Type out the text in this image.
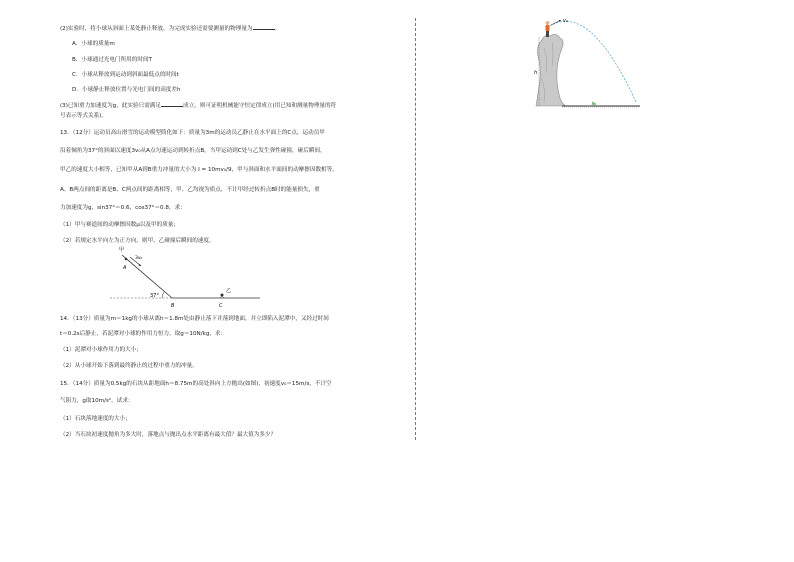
(2)实验时，将小球从斜面上某处静止释放，为完成实验还需要测量的物理量为	。
A．小球的质量m
B．小球通过光电门所用的时间T
C．小球从释放到运动到斜面最低点的时间t
D．小球静止释放位置与光电门间的高度差h
(3)已知重力加速度为g，此实验只需满足	成立，则可证明机械能守恒定律成立(用已知和测量物理量的符
号表示等式关系)。
13．（12分）运动员高山滑雪的运动模型简化如下：质量为3m的运动员乙静止在水平面上的C点，运动员甲
沿着倾角为37°的斜面以速度3v₀从A点匀速运动到转折点B，当甲运动到C处与乙发生弹性碰撞，碰后瞬间，
甲乙的速度大小相等，已知甲从A到B重力冲量的大小为 I = 10mv₀/9，甲与斜面和水平面间的动摩擦因数相等，
A、B两点间的距离是B、C两点间的距离相等，甲、乙均视为质点，不计甲经过转折点B时的能量损失，重
力加速度为g，sin37°＝0.6，cos37°＝0.8，求：
（1）甲与赛道间的动摩擦因数μ以及甲的质量；
（2）若规定水平向左为正方向，则甲、乙碰撞后瞬间的速度。
14．（13分）质量为m＝1kg的小球从离h＝1.8m处由静止落下并落到地面，并立即陷入泥潭中，又经过时间
t＝0.2s后静止，若泥潭对小球的作用力恒力，取g＝10N/kg，求：
（1）泥潭对小球作用力的大小；
（2）从小球开始下落到最终静止的过程中重力的冲量。
15．（14分）质量为0.5kg的石块从距地面h＝8.75m的高处斜向上方抛出(如图)，初速度v₀＝15m/s，不计空
气阻力，g取10m/s²，试求：
（1）石块落地速度的大小；
（2）当石块初速度抛角为多大时，落地点与抛出点水平距离有最大值？最大值为多少？
甲
A
3v₀
37°
B	C
乙
v₀
h
